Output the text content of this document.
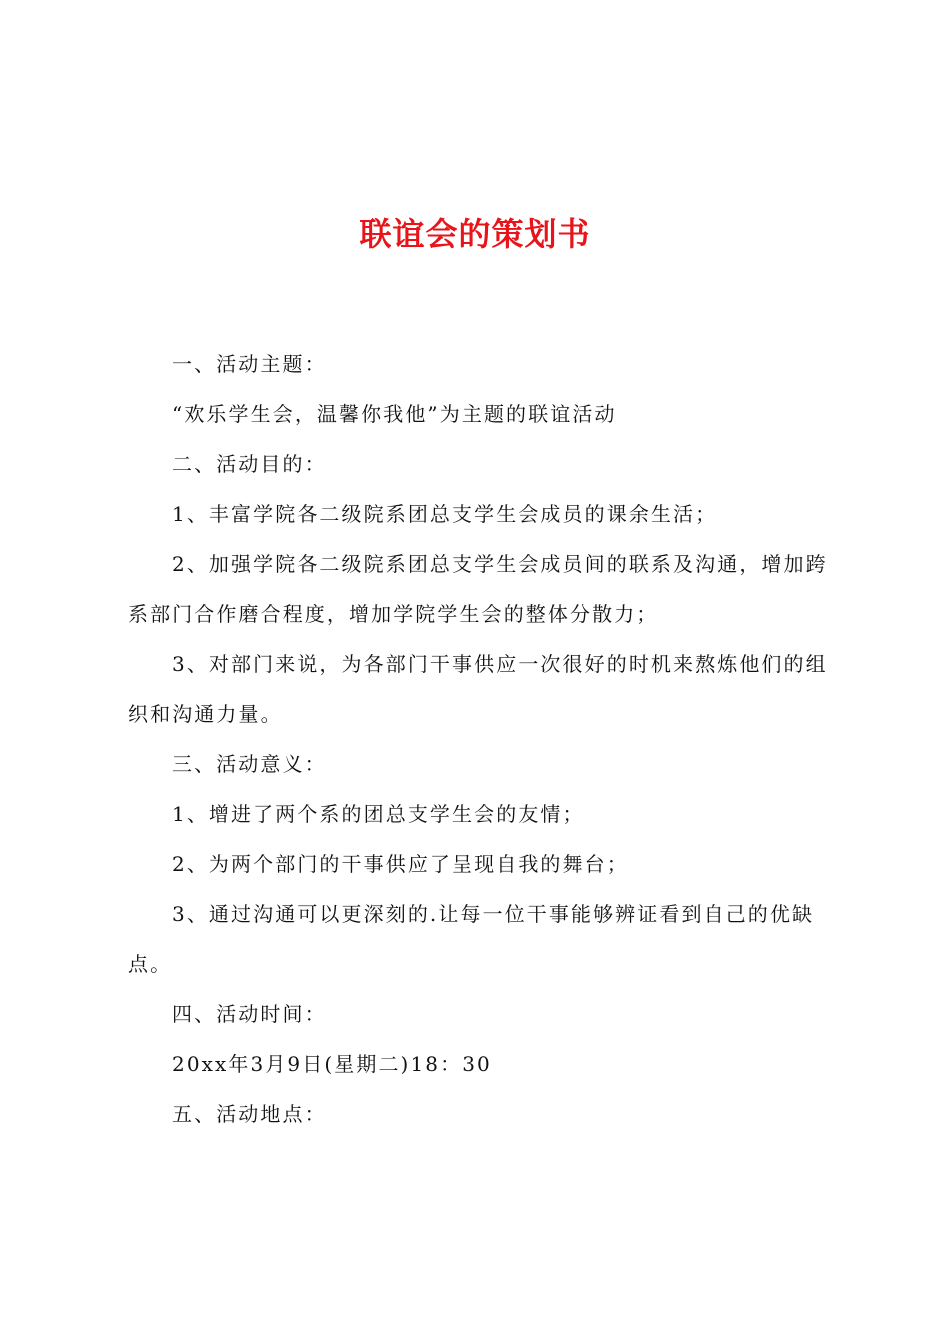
联谊会的策划书

一、活动主题：

“欢乐学生会，温馨你我他”为主题的联谊活动

二、活动目的：

1、丰富学院各二级院系团总支学生会成员的课余生活；

2、加强学院各二级院系团总支学生会成员间的联系及沟通，增加跨系部门合作磨合程度，增加学院学生会的整体分散力；

3、对部门来说，为各部门干事供应一次很好的时机来熬炼他们的组织和沟通力量。

三、活动意义：

1、增进了两个系的团总支学生会的友情；

2、为两个部门的干事供应了呈现自我的舞台；

3、通过沟通可以更深刻的.让每一位干事能够辨证看到自己的优缺点。

四、活动时间：

20xx年3月9日(星期二)18：30

五、活动地点：
